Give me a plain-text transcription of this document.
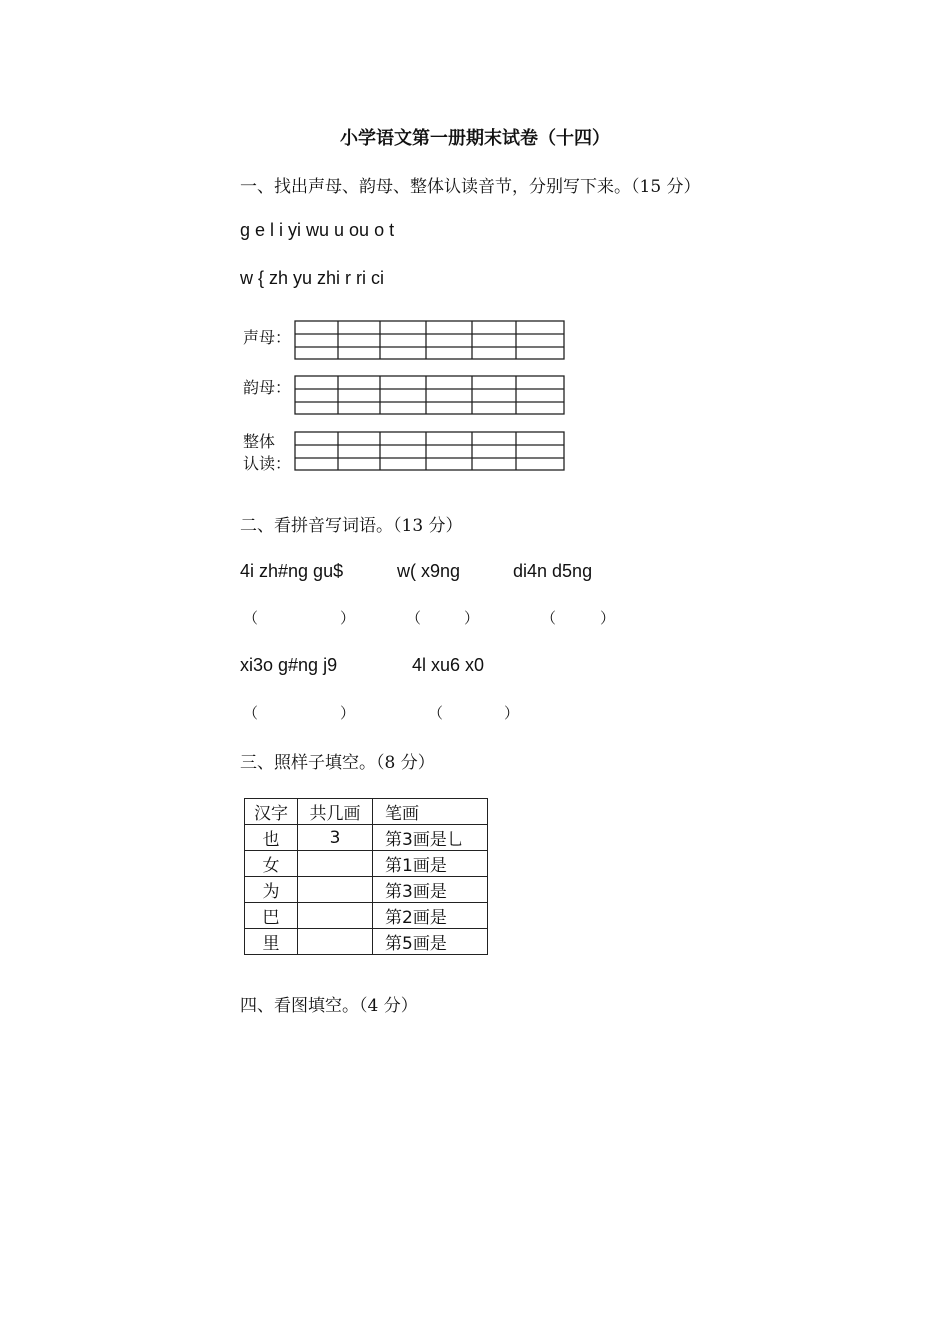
小学语文第一册期末试卷（十四）
一、找出声母、韵母、整体认读音节，分别写下来。（15 分）
g e l i yi wu u ou o t
w { zh yu zhi r ri ci
声母：
韵母：
整体
认读：
二、看拼音写词语。（13 分）
4i zh#ng gu$	w( x9ng	di4n d5ng
（	）	（	）	（	）
xi3o g#ng j9	4l xu6 x0
（	）	（	）
三、照样子填空。（8 分）
汉字	共几画	笔画
也	3	第3画是乚
女		第1画是
为		第3画是
巴		第2画是
里		第5画是
四、看图填空。（4 分）
